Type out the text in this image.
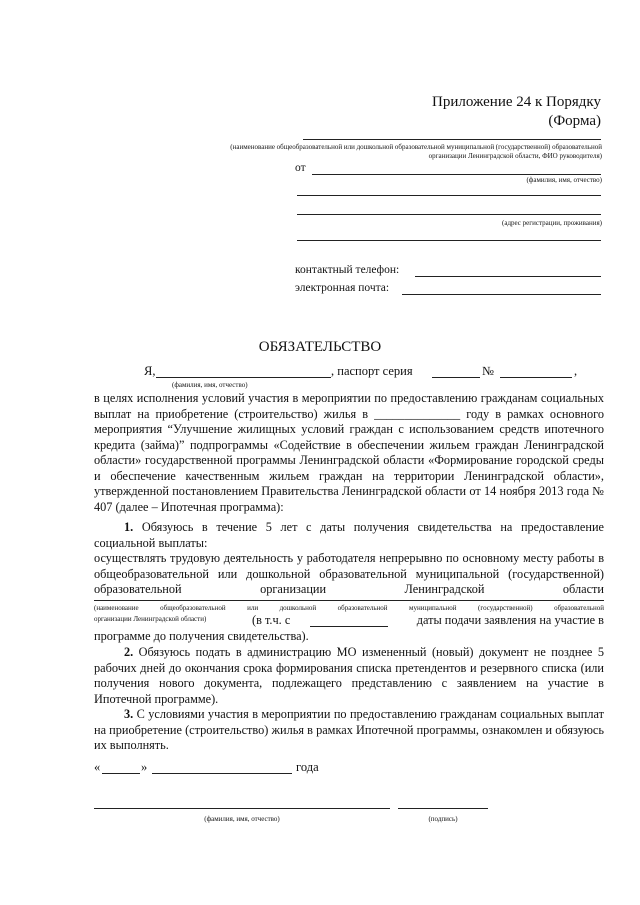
Приложение 24 к Порядку
(Форма)
(наименование общеобразовательной или дошкольной образовательной муниципальной (государственной) образовательной
организации Ленинградской области, ФИО руководителя)
от
(фамилия, имя, отчество)
(адрес регистрации, проживания)
контактный телефон:
электронная почта:
ОБЯЗАТЕЛЬСТВО
Я,	, паспорт серия	№	,
(фамилия, имя, отчество)
в целях исполнения условий участия в мероприятии по предоставлению гражданам социальных выплат на приобретение (строительство) жилья в ______________ году в рамках основного мероприятия “Улучшение жилищных условий граждан с использованием средств ипотечного кредита (займа)” подпрограммы «Содействие в обеспечении жильем граждан Ленинградской области» государственной программы Ленинградской области «Формирование городской среды и обеспечение качественным жильем граждан на территории Ленинградской области», утвержденной постановлением Правительства Ленинградской области от 14 ноября 2013 года № 407 (далее – Ипотечная программа):
1. Обязуюсь в течение 5 лет с даты получения свидетельства на предоставление социальной выплаты:
осуществлять трудовую деятельность у работодателя непрерывно по основному месту работы в общеобразовательной или дошкольной образовательной муниципальной (государственной) образовательной организации Ленинградской области
(наименование общеобразовательной или дошкольной образовательной муниципальной (государственной) образовательной
организации Ленинградской области)	(в т.ч. с	даты подачи заявления на участие в
программе до получения свидетельства).
2. Обязуюсь подать в администрацию МО измененный (новый) документ не позднее 5 рабочих дней до окончания срока формирования списка претендентов и резервного списка (или получения нового документа, подлежащего представлению с заявлением на участие в Ипотечной программе).
3. С условиями участия в мероприятии по предоставлению гражданам социальных выплат на приобретение (строительство) жилья в рамках Ипотечной программы, ознакомлен и обязуюсь их выполнять.
«	»	года
(фамилия, имя, отчество)	(подпись)
